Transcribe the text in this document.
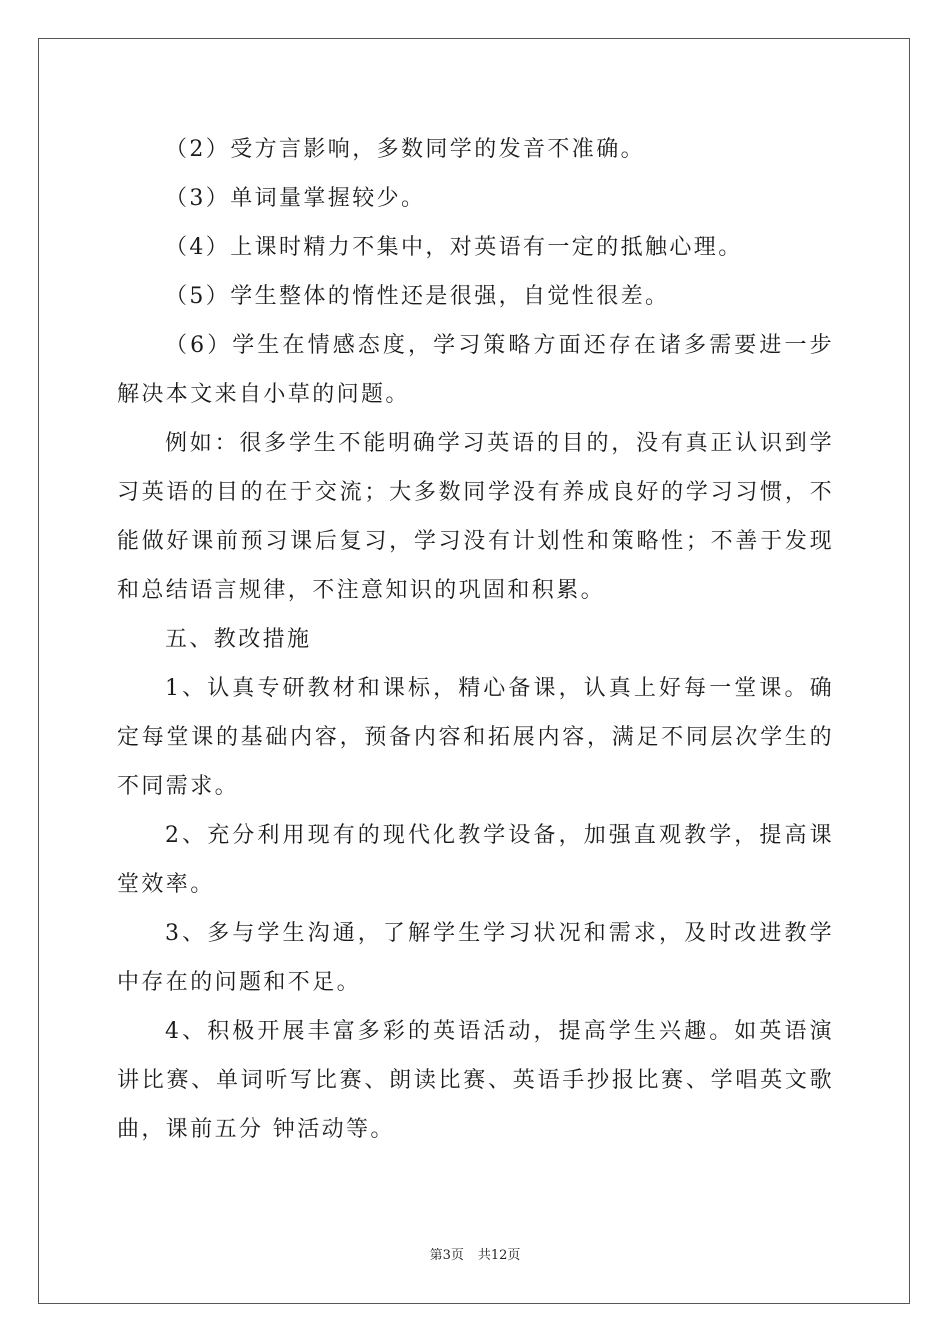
（2）受方言影响，多数同学的发音不准确。

（3）单词量掌握较少。

（4）上课时精力不集中，对英语有一定的抵触心理。

（5）学生整体的惰性还是很强，自觉性很差。

（6）学生在情感态度，学习策略方面还存在诸多需要进一步解决本文来自小草的问题。

例如：很多学生不能明确学习英语的目的，没有真正认识到学习英语的目的在于交流；大多数同学没有养成良好的学习习惯，不能做好课前预习课后复习，学习没有计划性和策略性；不善于发现和总结语言规律，不注意知识的巩固和积累。

五、教改措施

1、认真专研教材和课标，精心备课，认真上好每一堂课。确定每堂课的基础内容，预备内容和拓展内容，满足不同层次学生的不同需求。

2、充分利用现有的现代化教学设备，加强直观教学，提高课堂效率。

3、多与学生沟通，了解学生学习状况和需求，及时改进教学中存在的问题和不足。

4、积极开展丰富多彩的英语活动，提高学生兴趣。如英语演讲比赛、单词听写比赛、朗读比赛、英语手抄报比赛、学唱英文歌曲，课前五分 钟活动等。

第3页 共12页
